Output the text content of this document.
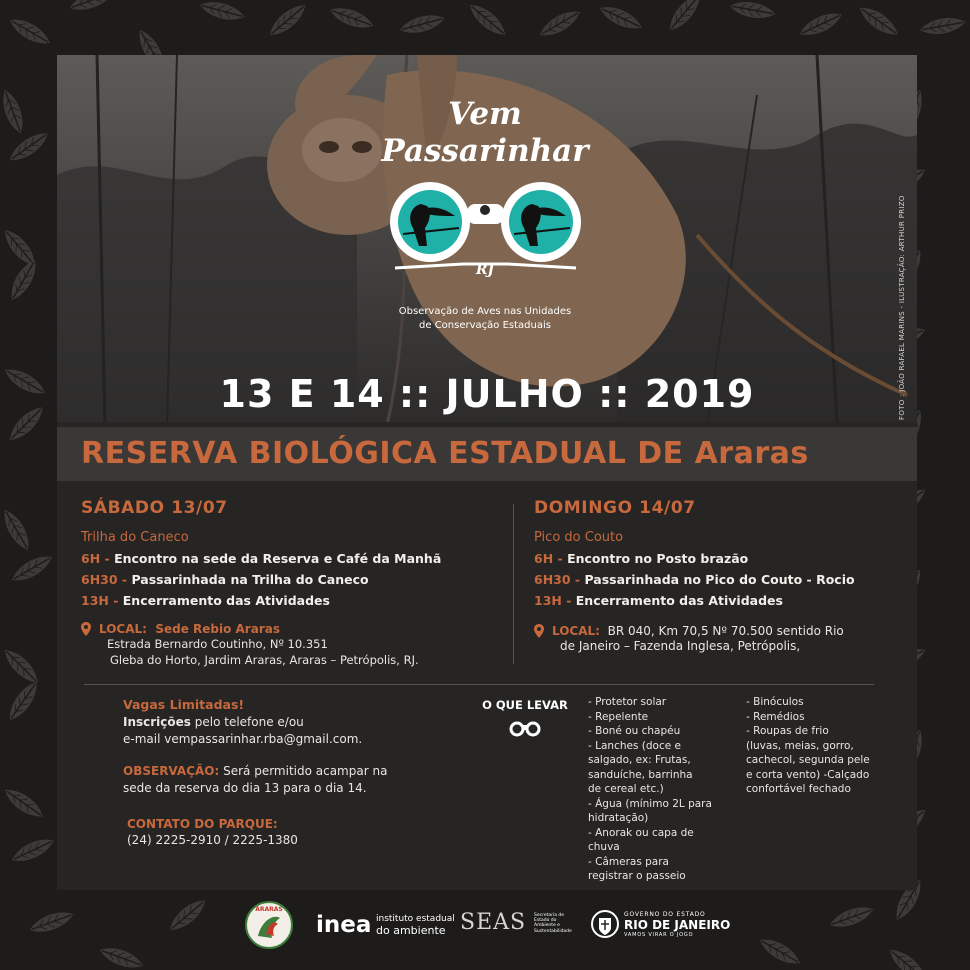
FOTO : JOÃO RAFAEL MARINS - ILUSTRAÇÃO: ARTHUR PRIZO
Vem
Passarinhar
RJ
Observação de Aves nas Unidades
de Conservação Estaduais
13 E 14 :: JULHO :: 2019
RESERVA BIOLÓGICA ESTADUAL DE Araras
SÁBADO 13/07
Trilha do Caneco
6H - Encontro na sede da Reserva e Café da Manhã
6H30 - Passarinhada na Trilha do Caneco
13H - Encerramento das Atividades
LOCAL: Sede Rebio Araras
Estrada Bernardo Coutinho, Nº 10.351
Gleba do Horto, Jardim Araras, Araras – Petrópolis, RJ.
DOMINGO 14/07
Pico do Couto
6H - Encontro no Posto brazão
6H30 - Passarinhada no Pico do Couto - Rocio
13H - Encerramento das Atividades
LOCAL: BR 040, Km 70,5 Nº 70.500 sentido Rio
de Janeiro – Fazenda Inglesa, Petrópolis,
Vagas Limitadas!
Inscrições pelo telefone e/ou
e-mail vempassarinhar.rba@gmail.com.
OBSERVAÇÃO: Será permitido acampar na
sede da reserva do dia 13 para o dia 14.
CONTATO DO PARQUE:
(24) 2225-2910 / 2225-1380
O QUE LEVAR - Protetor solar
- Repelente
- Boné ou chapéu
- Lanches (doce e
salgado, ex: Frutas,
sanduíche, barrinha
de cereal etc.)
- Água (mínimo 2L para
hidratação)
- Anorak ou capa de
chuva
- Câmeras para
registrar o passeio
- Binóculos
- Remédios
- Roupas de frio
(luvas, meias, gorro,
cachecol, segunda pele
e corta vento) -Calçado
confortável fechado
ARARAS
inea instituto estadual
do ambiente SEAS Secretaria de
Estado do
Ambiente e
Sustentabilidade
GOVERNO DO ESTADO
RIO DE JANEIRO
VAMOS VIRAR O JOGO
